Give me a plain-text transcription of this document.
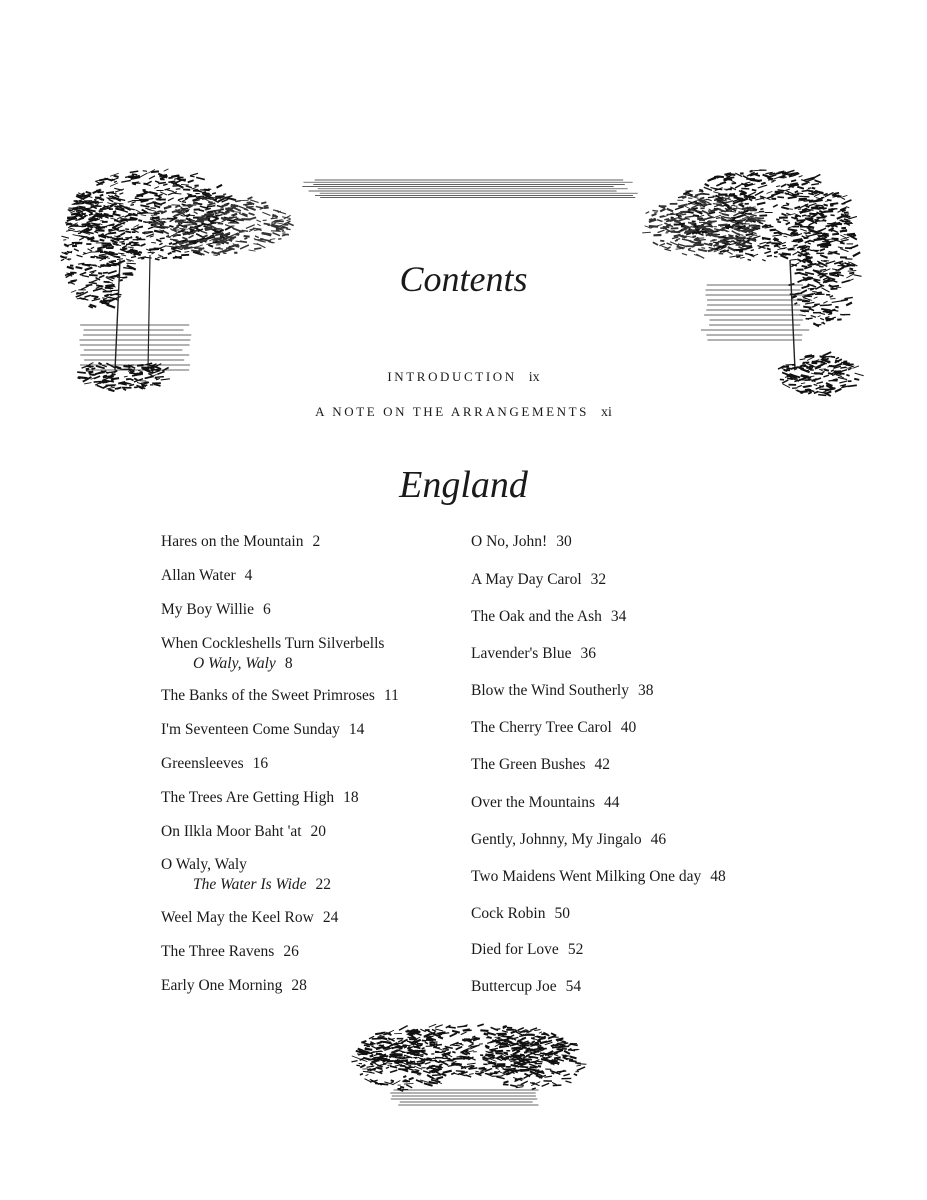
Contents
INTRODUCTION ix
A NOTE ON THE ARRANGEMENTS xi
England
Hares on the Mountain 2
Allan Water 4
My Boy Willie 6
When Cockleshells Turn Silverbells
O Waly, Waly 8
The Banks of the Sweet Primroses 11
I'm Seventeen Come Sunday 14
Greensleeves 16
The Trees Are Getting High 18
On Ilkla Moor Baht 'at 20
O Waly, Waly
The Water Is Wide 22
Weel May the Keel Row 24
The Three Ravens 26
Early One Morning 28
O No, John! 30
A May Day Carol 32
The Oak and the Ash 34
Lavender's Blue 36
Blow the Wind Southerly 38
The Cherry Tree Carol 40
The Green Bushes 42
Over the Mountains 44
Gently, Johnny, My Jingalo 46
Two Maidens Went Milking One day 48
Cock Robin 50
Died for Love 52
Buttercup Joe 54
